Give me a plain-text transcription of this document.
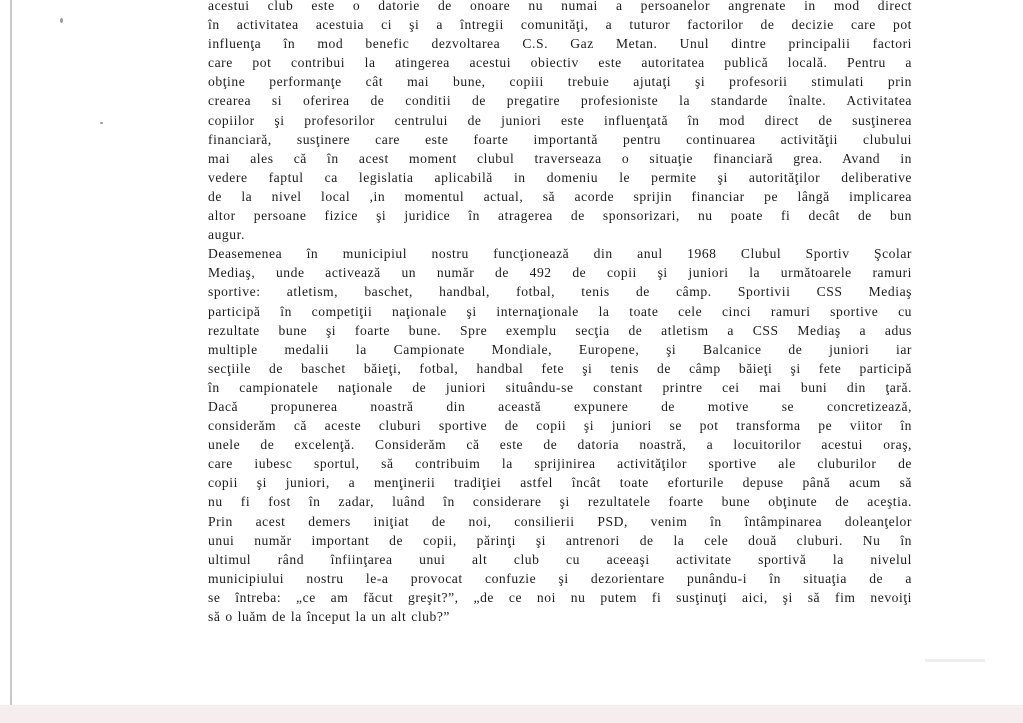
acestui club este o datorie de onoare nu numai a persoanelor angrenate in mod direct
în activitatea acestuia ci şi a întregii comunităţi, a tuturor factorilor de decizie care pot
influenţa în mod benefic dezvoltarea C.S. Gaz Metan. Unul dintre principalii factori
care pot contribui la atingerea acestui obiectiv este autoritatea publică locală. Pentru a
obţine performanţe cât mai bune, copiii trebuie ajutaţi şi profesorii stimulati prin
crearea si oferirea de conditii de pregatire profesioniste la standarde înalte. Activitatea
copiilor şi profesorilor centrului de juniori este influenţată în mod direct de susţinerea
financiară, susţinere care este foarte importantă pentru continuarea activităţii clubului
mai ales că în acest moment clubul traverseaza o situaţie financiară grea. Avand in
vedere faptul ca legislatia aplicabilă in domeniu le permite şi autorităţilor deliberative
de la nivel local ,in momentul actual, să acorde sprijin financiar pe lângă implicarea
altor persoane fizice şi juridice în atragerea de sponsorizari, nu poate fi decât de bun
augur.
Deasemenea în municipiul nostru funcţionează din anul 1968 Clubul Sportiv Şcolar
Mediaş, unde activează un număr de 492 de copii şi juniori la următoarele ramuri
sportive: atletism, baschet, handbal, fotbal, tenis de câmp. Sportivii CSS Mediaş
participă în competiţii naţionale şi internaţionale la toate cele cinci ramuri sportive cu
rezultate bune şi foarte bune. Spre exemplu secţia de atletism a CSS Mediaş a adus
multiple medalii la Campionate Mondiale, Europene, şi Balcanice de juniori iar
secţiile de baschet băieţi, fotbal, handbal fete şi tenis de câmp băieţi şi fete participă
în campionatele naţionale de juniori situându-se constant printre cei mai buni din ţară.
Dacă propunerea noastră din această expunere de motive se concretizează,
considerăm că aceste cluburi sportive de copii şi juniori se pot transforma pe viitor în
unele de excelenţă. Considerăm că este de datoria noastră, a locuitorilor acestui oraş,
care iubesc sportul, să contribuim la sprijinirea activităţilor sportive ale cluburilor de
copii şi juniori, a menţinerii tradiţiei astfel încât toate eforturile depuse până acum să
nu fi fost în zadar, luând în considerare şi rezultatele foarte bune obţinute de aceştia.
Prin acest demers iniţiat de noi, consilierii PSD, venim în întâmpinarea doleanţelor
unui număr important de copii, părinţi şi antrenori de la cele două cluburi. Nu în
ultimul rând înfiinţarea unui alt club cu aceeaşi activitate sportivă la nivelul
municipiului nostru le-a provocat confuzie şi dezorientare punându-i în situaţia de a
se întreba: „ce am făcut greşit?”, „de ce noi nu putem fi susţinuţi aici, şi să fim nevoiţi
să o luăm de la început la un alt club?”
